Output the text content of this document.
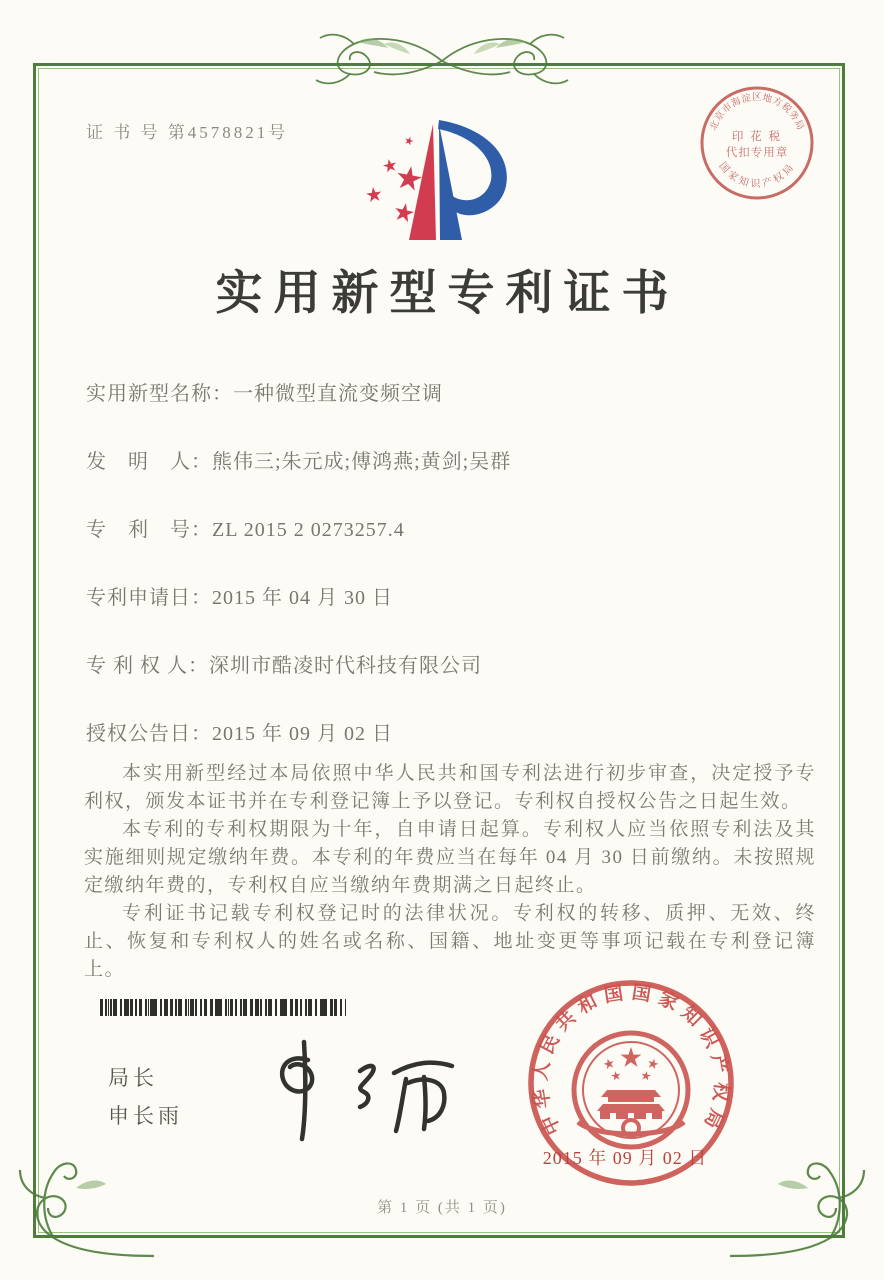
证 书 号 第4578821号	北京市海淀区地方税务局
国家知识产权局
印 花 税
代扣专用章
实用新型专利证书
实用新型名称：一种微型直流变频空调
发　明　人：熊伟三;朱元成;傅鸿燕;黄剑;吴群
专　利　号：ZL 2015 2 0273257.4
专利申请日：2015 年 04 月 30 日
专 利 权 人：深圳市酷凌时代科技有限公司
授权公告日：2015 年 09 月 02 日

本实用新型经过本局依照中华人民共和国专利法进行初步审查，决定授予专利权，颁发本证书并在专利登记簿上予以登记。专利权自授权公告之日起生效。

本专利的专利权期限为十年，自申请日起算。专利权人应当依照专利法及其实施细则规定缴纳年费。本专利的年费应当在每年 04 月 30 日前缴纳。未按照规定缴纳年费的，专利权自应当缴纳年费期满之日起终止。

专利证书记载专利权登记时的法律状况。专利权的转移、质押、无效、终止、恢复和专利权人的姓名或名称、国籍、地址变更等事项记载在专利登记簿上。

局长
申长雨	中华人民共和国国家知识产权局
2015 年 09 月 02 日
第 1 页 (共 1 页)
